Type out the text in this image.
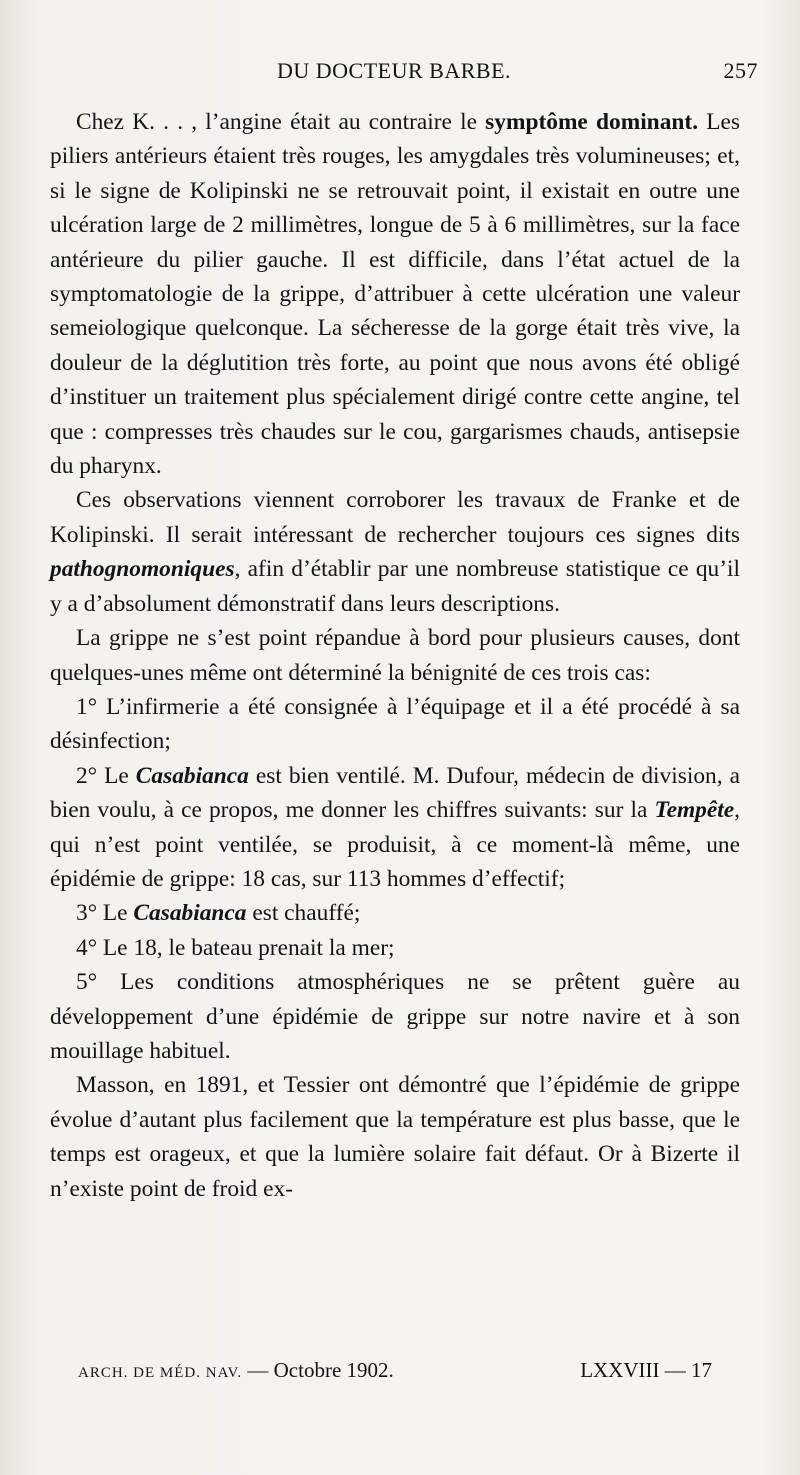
DU DOCTEUR BARBE.	257

Chez K. . . , l’angine était au contraire le symptôme dominant. Les piliers antérieurs étaient très rouges, les amygdales très volumineuses; et, si le signe de Kolipinski ne se retrouvait point, il existait en outre une ulcération large de 2 millimètres, longue de 5 à 6 millimètres, sur la face antérieure du pilier gauche. Il est difficile, dans l’état actuel de la symptomatologie de la grippe, d’attribuer à cette ulcération une valeur semeiologique quelconque. La sécheresse de la gorge était très vive, la douleur de la déglutition très forte, au point que nous avons été obligé d’instituer un traitement plus spécialement dirigé contre cette angine, tel que : compresses très chaudes sur le cou, gargarismes chauds, antisepsie du pharynx.

Ces observations viennent corroborer les travaux de Franke et de Kolipinski. Il serait intéressant de rechercher toujours ces signes dits pathognomoniques, afin d’établir par une nombreuse statistique ce qu’il y a d’absolument démonstratif dans leurs descriptions.

La grippe ne s’est point répandue à bord pour plusieurs causes, dont quelques-unes même ont déterminé la bénignité de ces trois cas:

1° L’infirmerie a été consignée à l’équipage et il a été procédé à sa désinfection;

2° Le Casabianca est bien ventilé. M. Dufour, médecin de division, a bien voulu, à ce propos, me donner les chiffres suivants: sur la Tempête, qui n’est point ventilée, se produisit, à ce moment-là même, une épidémie de grippe: 18 cas, sur 113 hommes d’effectif;

3° Le Casabianca est chauffé;

4° Le 18, le bateau prenait la mer;

5° Les conditions atmosphériques ne se prêtent guère au développement d’une épidémie de grippe sur notre navire et à son mouillage habituel.

Masson, en 1891, et Tessier ont démontré que l’épidémie de grippe évolue d’autant plus facilement que la température est plus basse, que le temps est orageux, et que la lumière solaire fait défaut. Or à Bizerte il n’existe point de froid ex-

ARCH. DE MÉD. NAV. — Octobre 1902.	LXXVIII — 17
